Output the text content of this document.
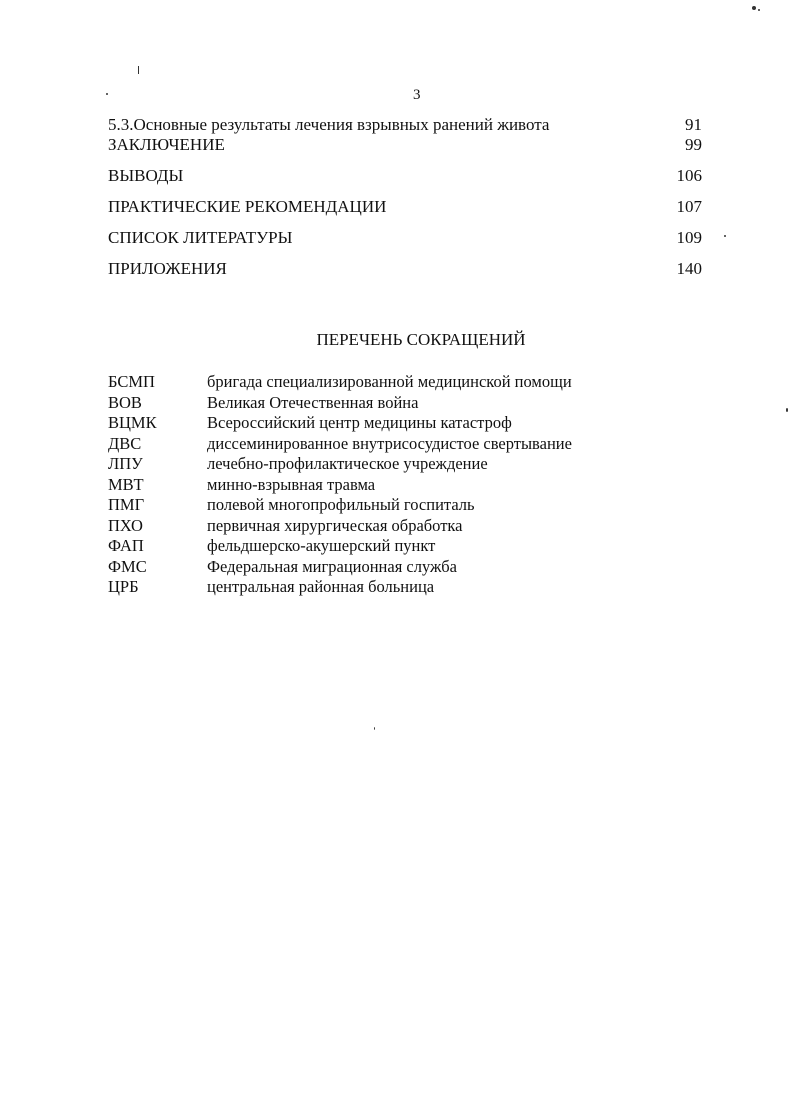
3
5.3.Основные результаты лечения взрывных ранений живота	91
ЗАКЛЮЧЕНИЕ	99
ВЫВОДЫ	106
ПРАКТИЧЕСКИЕ РЕКОМЕНДАЦИИ	107
СПИСОК ЛИТЕРАТУРЫ	109
ПРИЛОЖЕНИЯ	140
ПЕРЕЧЕНЬ СОКРАЩЕНИЙ
БСМП	бригада специализированной медицинской помощи
ВОВ	Великая Отечественная война
ВЦМК	Всероссийский центр медицины катастроф
ДВС	диссеминированное внутрисосудистое свертывание
ЛПУ	лечебно-профилактическое учреждение
МВТ	минно-взрывная травма
ПМГ	полевой многопрофильный госпиталь
ПХО	первичная хирургическая обработка
ФАП	фельдшерско-акушерский пункт
ФМС	Федеральная миграционная служба
ЦРБ	центральная районная больница
